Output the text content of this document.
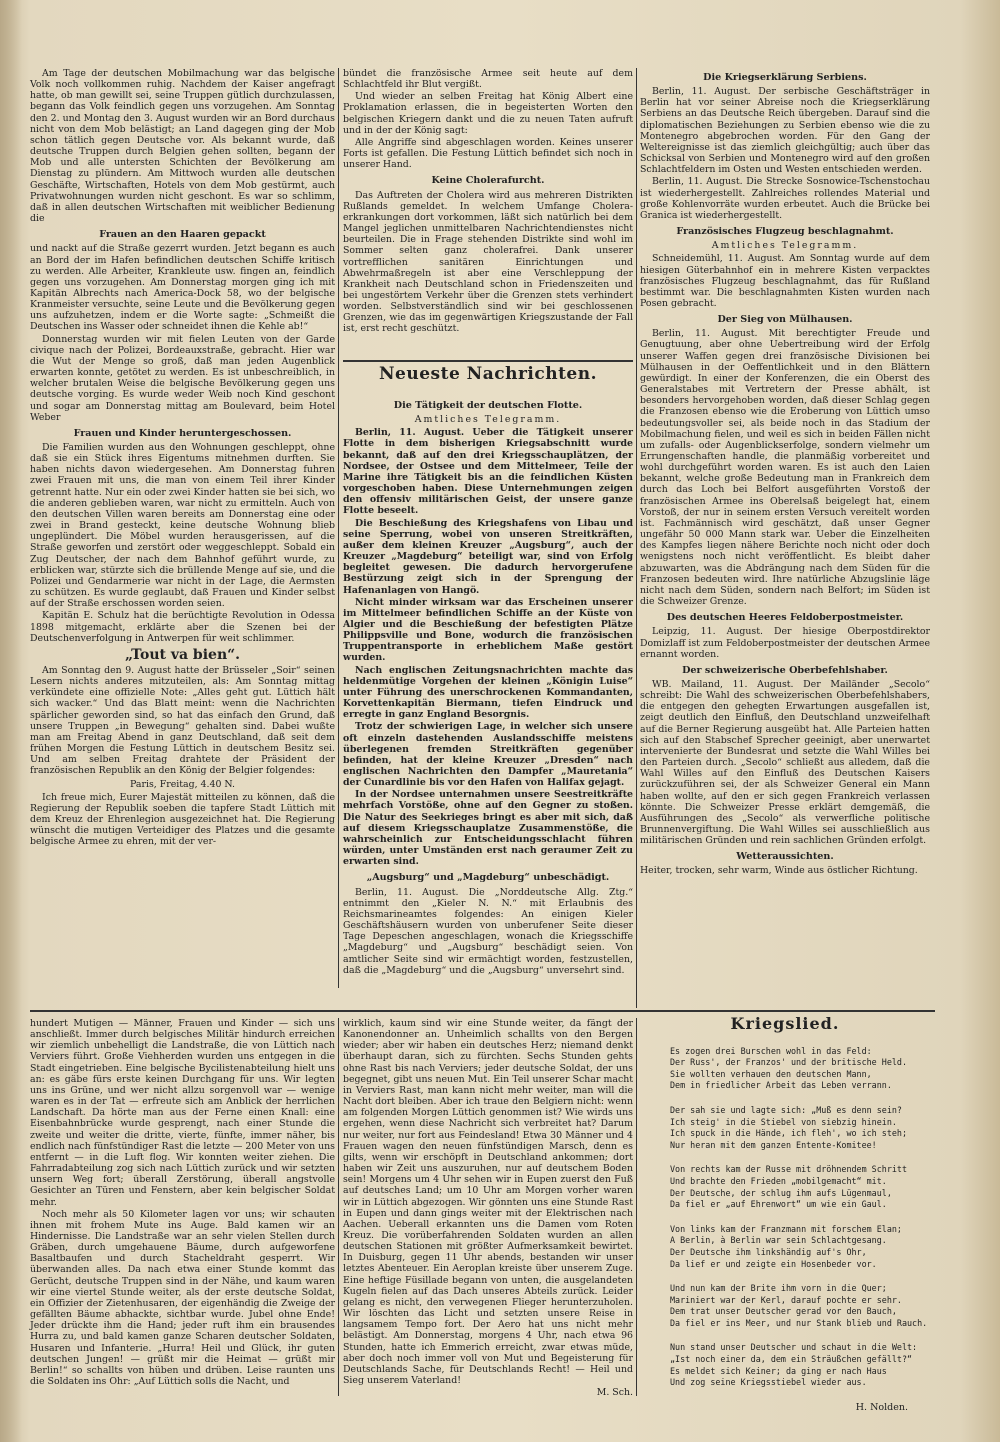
Am Tage der deutschen Mobilmachung war das belgische Volk noch vollkommen ruhig. Nachdem der Kaiser angefragt hatte, ob man gewillt sei, seine Truppen gütlich durchzulassen, begann das Volk feindlich gegen uns vorzugehen. Am Sonntag den 2. und Montag den 3. August wurden wir an Bord durchaus nicht von dem Mob belästigt; an Land dagegen ging der Mob schon tätlich gegen Deutsche vor. Als bekannt wurde, daß deutsche Truppen durch Belgien gehen sollten, begann der Mob und alle untersten Schichten der Bevölkerung am Dienstag zu plündern. Am Mittwoch wurden alle deutschen Geschäfte, Wirtschaften, Hotels von dem Mob gestürmt, auch Privatwohnungen wurden nicht geschont. Es war so schlimm, daß in allen deutschen Wirtschaften mit weiblicher Bedienung die

Frauen an den Haaren gepackt

und nackt auf die Straße gezerrt wurden. Jetzt begann es auch an Bord der im Hafen befindlichen deutschen Schiffe kritisch zu werden. Alle Arbeiter, Krankleute usw. fingen an, feindlich gegen uns vorzugehen. Am Donnerstag morgen ging ich mit Kapitän Albrechts nach America-Dock 58, wo der belgische Kranmeister versuchte, seine Leute und die Bevölkerung gegen uns aufzuhetzen, indem er die Worte sagte: „Schmeißt die Deutschen ins Wasser oder schneidet ihnen die Kehle ab!“

Donnerstag wurden wir mit fielen Leuten von der Garde civique nach der Polizei, Bordeauxstraße, gebracht. Hier war die Wut der Menge so groß, daß man jeden Augenblick erwarten konnte, getötet zu werden. Es ist unbeschreiblich, in welcher brutalen Weise die belgische Bevölkerung gegen uns deutsche vorging. Es wurde weder Weib noch Kind geschont und sogar am Donnerstag mittag am Boulevard, beim Hotel Weber

Frauen und Kinder heruntergeschossen.

Die Familien wurden aus den Wohnungen geschleppt, ohne daß sie ein Stück ihres Eigentums mitnehmen durften. Sie haben nichts davon wiedergesehen. Am Donnerstag fuhren zwei Frauen mit uns, die man von einem Teil ihrer Kinder getrennt hatte. Nur ein oder zwei Kinder hatten sie bei sich, wo die anderen geblieben waren, war nicht zu ermitteln. Auch von den deutschen Villen waren bereits am Donnerstag eine oder zwei in Brand gesteckt, keine deutsche Wohnung blieb ungeplündert. Die Möbel wurden herausgerissen, auf die Straße geworfen und zerstört oder weggeschleppt. Sobald ein Zug Deutscher, der nach dem Bahnhof geführt wurde, zu erblicken war, stürzte sich die brüllende Menge auf sie, und die Polizei und Gendarmerie war nicht in der Lage, die Aermsten zu schützen. Es wurde geglaubt, daß Frauen und Kinder selbst auf der Straße erschossen worden seien.

Kapitän E. Schulz hat die berüchtigte Revolution in Odessa 1898 mitgemacht, erklärte aber die Szenen bei der Deutschenverfolgung in Antwerpen für weit schlimmer.

„Tout va bien“.

Am Sonntag den 9. August hatte der Brüsseler „Soir“ seinen Lesern nichts anderes mitzuteilen, als: Am Sonntag mittag verkündete eine offizielle Note: „Alles geht gut. Lüttich hält sich wacker.“ Und das Blatt meint: wenn die Nachrichten spärlicher geworden sind, so hat das einfach den Grund, daß unsere Truppen „in Bewegung“ gehalten sind. Dabei wußte man am Freitag Abend in ganz Deutschland, daß seit dem frühen Morgen die Festung Lüttich in deutschem Besitz sei. Und am selben Freitag drahtete der Präsident der französischen Republik an den König der Belgier folgendes:

Paris, Freitag, 4.40 N.

Ich freue mich, Eurer Majestät mitteilen zu können, daß die Regierung der Republik soeben die tapfere Stadt Lüttich mit dem Kreuz der Ehrenlegion ausgezeichnet hat. Die Regierung wünscht die mutigen Verteidiger des Platzes und die gesamte belgische Armee zu ehren, mit der ver-

bündet die französische Armee seit heute auf dem Schlachtfeld ihr Blut vergißt.

Und wieder an selben Freitag hat König Albert eine Proklamation erlassen, die in begeisterten Worten den belgischen Kriegern dankt und die zu neuen Taten aufruft und in der der König sagt:

Alle Angriffe sind abgeschlagen worden. Keines unserer Forts ist gefallen. Die Festung Lüttich befindet sich noch in unserer Hand.

Keine Cholerafurcht.

Das Auftreten der Cholera wird aus mehreren Distrikten Rußlands gemeldet. In welchem Umfange Cholera-erkrankungen dort vorkommen, läßt sich natürlich bei dem Mangel jeglichen unmittelbaren Nachrichtendienstes nicht beurteilen. Die in Frage stehenden Distrikte sind wohl im Sommer selten ganz cholerafrei. Dank unserer vortrefflichen sanitären Einrichtungen und Abwehrmaßregeln ist aber eine Verschleppung der Krankheit nach Deutschland schon in Friedenszeiten und bei ungestörtem Verkehr über die Grenzen stets verhindert worden. Selbstverständlich sind wir bei geschlossenen Grenzen, wie das im gegenwärtigen Kriegszustande der Fall ist, erst recht geschützt.

Neueste Nachrichten.
Die Tätigkeit der deutschen Flotte.

Amtliches Telegramm.

Berlin, 11. August. Ueber die Tätigkeit unserer Flotte in dem bisherigen Kriegsabschnitt wurde bekannt, daß auf den drei Kriegsschauplätzen, der Nordsee, der Ostsee und dem Mittelmeer, Teile der Marine ihre Tätigkeit bis an die feindlichen Küsten vorgeschoben haben. Diese Unternehmungen zeigen den offensiv militärischen Geist, der unsere ganze Flotte beseelt.

Die Beschießung des Kriegshafens von Libau und seine Sperrung, wobei von unseren Streitkräften, außer dem kleinen Kreuzer „Augsburg“, auch der Kreuzer „Magdeburg“ beteiligt war, sind von Erfolg begleitet gewesen. Die dadurch hervorgerufene Bestürzung zeigt sich in der Sprengung der Hafenanlagen von Hangö.

Nicht minder wirksam war das Erscheinen unserer im Mittelmeer befindlichen Schiffe an der Küste von Algier und die Beschießung der befestigten Plätze Philippsville und Bone, wodurch die französischen Truppentransporte in erheblichem Maße gestört wurden.

Nach englischen Zeitungsnachrichten machte das heldenmütige Vorgehen der kleinen „Königin Luise“ unter Führung des unerschrockenen Kommandanten, Korvettenkapitän Biermann, tiefen Eindruck und erregte in ganz England Besorgnis.

Trotz der schwierigen Lage, in welcher sich unsere oft einzeln dastehenden Auslandsschiffe meistens überlegenen fremden Streitkräften gegenüber befinden, hat der kleine Kreuzer „Dresden“ nach englischen Nachrichten den Dampfer „Mauretania“ der Cunardlinie bis vor den Hafen von Halifax gejagt.

In der Nordsee unternahmen unsere Seestreitkräfte mehrfach Vorstöße, ohne auf den Gegner zu stoßen. Die Natur des Seekrieges bringt es aber mit sich, daß auf diesem Kriegsschauplatze Zusammenstöße, die wahrscheinlich zur Entscheidungsschlacht führen würden, unter Umständen erst nach geraumer Zeit zu erwarten sind.

„Augsburg“ und „Magdeburg“ unbeschädigt.

Berlin, 11. August. Die „Norddeutsche Allg. Ztg.“ entnimmt den „Kieler N. N.“ mit Erlaubnis des Reichsmarineamtes folgendes: An einigen Kieler Geschäftshäusern wurden von unberufener Seite dieser Tage Depeschen angeschlagen, wonach die Kriegsschiffe „Magdeburg“ und „Augsburg“ beschädigt seien. Von amtlicher Seite sind wir ermächtigt worden, festzustellen, daß die „Magdeburg“ und die „Augsburg“ unversehrt sind.

Die Kriegserklärung Serbiens.

Berlin, 11. August. Der serbische Geschäftsträger in Berlin hat vor seiner Abreise noch die Kriegserklärung Serbiens an das Deutsche Reich übergeben. Darauf sind die diplomatischen Beziehungen zu Serbien ebenso wie die zu Montenegro abgebrochen worden. Für den Gang der Weltereignisse ist das ziemlich gleichgültig; auch über das Schicksal von Serbien und Montenegro wird auf den großen Schlachtfeldern im Osten und Westen entschieden werden.

Berlin, 11. August. Die Strecke Sosnowice-Tschenstochau ist wiederhergestellt. Zahlreiches rollendes Material und große Kohlenvorräte wurden erbeutet. Auch die Brücke bei Granica ist wiederhergestellt.

Französisches Flugzeug beschlagnahmt.

Amtliches Telegramm.

Schneidemühl, 11. August. Am Sonntag wurde auf dem hiesigen Güterbahnhof ein in mehrere Kisten verpacktes französisches Flugzeug beschlagnahmt, das für Rußland bestimmt war. Die beschlagnahmten Kisten wurden nach Posen gebracht.

Der Sieg von Mülhausen.

Berlin, 11. August. Mit berechtigter Freude und Genugtuung, aber ohne Uebertreibung wird der Erfolg unserer Waffen gegen drei französische Divisionen bei Mülhausen in der Oeffentlichkeit und in den Blättern gewürdigt. In einer der Konferenzen, die ein Oberst des Generalstabes mit Vertretern der Presse abhält, ist besonders hervorgehoben worden, daß dieser Schlag gegen die Franzosen ebenso wie die Eroberung von Lüttich umso bedeutungsvoller sei, als beide noch in das Stadium der Mobilmachung fielen, und weil es sich in beiden Fällen nicht um zufalls- oder Augenblickserfolge, sondern vielmehr um Errungenschaften handle, die planmäßig vorbereitet und wohl durchgeführt worden waren. Es ist auch den Laien bekannt, welche große Bedeutung man in Frankreich dem durch das Loch bei Belfort ausgeführten Vorstoß der französischen Armee ins Oberelsaß beigelegt hat, einem Vorstoß, der nur in seinem ersten Versuch vereitelt worden ist. Fachmännisch wird geschätzt, daß unser Gegner ungefähr 50 000 Mann stark war. Ueber die Einzelheiten des Kampfes liegen nähere Berichte noch nicht oder doch wenigstens noch nicht veröffentlicht. Es bleibt daher abzuwarten, was die Abdrängung nach dem Süden für die Franzosen bedeuten wird. Ihre natürliche Abzugslinie läge nicht nach dem Süden, sondern nach Belfort; im Süden ist die Schweizer Grenze.

Des deutschen Heeres Feldoberpostmeister.

Leipzig, 11. August. Der hiesige Oberpostdirektor Domizlaff ist zum Feldoberpostmeister der deutschen Armee ernannt worden.

Der schweizerische Oberbefehlshaber.

WB. Mailand, 11. August. Der Mailänder „Secolo“ schreibt: Die Wahl des schweizerischen Oberbefehlshabers, die entgegen den gehegten Erwartungen ausgefallen ist, zeigt deutlich den Einfluß, den Deutschland unzweifelhaft auf die Berner Regierung ausgeübt hat. Alle Parteien hatten sich auf den Stabschef Sprecher geeinigt, aber unerwartet intervenierte der Bundesrat und setzte die Wahl Willes bei den Parteien durch. „Secolo“ schließt aus alledem, daß die Wahl Willes auf den Einfluß des Deutschen Kaisers zurückzuführen sei, der als Schweizer General ein Mann haben wollte, auf den er sich gegen Frankreich verlassen könnte. Die Schweizer Presse erklärt demgemäß, die Ausführungen des „Secolo“ als verwerfliche politische Brunnenvergiftung. Die Wahl Willes sei ausschließlich aus militärischen Gründen und rein sachlichen Gründen erfolgt.

Wetteraussichten.

Heiter, trocken, sehr warm, Winde aus östlicher Richtung.

hundert Mutigen — Männer, Frauen und Kinder — sich uns anschließt. Immer durch belgisches Militär hindurch erreichen wir ziemlich unbehelligt die Landstraße, die von Lüttich nach Verviers führt. Große Viehherden wurden uns entgegen in die Stadt eingetrieben. Eine belgische Bycilistenabteilung hielt uns an: es gäbe fürs erste keinen Durchgang für uns. Wir legten uns ins Grüne, und wer nicht allzu sorgenvoll war — wenige waren es in der Tat — erfreute sich am Anblick der herrlichen Landschaft. Da hörte man aus der Ferne einen Knall: eine Eisenbahnbrücke wurde gesprengt, nach einer Stunde die zweite und weiter die dritte, vierte, fünfte, immer näher, bis endlich nach fünfstündiger Rast die letzte — 200 Meter von uns entfernt — in die Luft flog. Wir konnten weiter ziehen. Die Fahrradabteilung zog sich nach Lüttich zurück und wir setzten unsern Weg fort; überall Zerstörung, überall angstvolle Gesichter an Türen und Fenstern, aber kein belgischer Soldat mehr.

Noch mehr als 50 Kilometer lagen vor uns; wir schauten ihnen mit frohem Mute ins Auge. Bald kamen wir an Hindernisse. Die Landstraße war an sehr vielen Stellen durch Gräben, durch umgehauene Bäume, durch aufgeworfene Basaltbaufen und durch Stacheldraht gesperrt. Wir überwanden alles. Da nach etwa einer Stunde kommt das Gerücht, deutsche Truppen sind in der Nähe, und kaum waren wir eine viertel Stunde weiter, als der erste deutsche Soldat, ein Offizier der Zietenhusaren, der eigenhändig die Zweige der gefällten Bäume abhackte, sichtbar wurde. Jubel ohne Ende! Jeder drückte ihm die Hand; jeder ruft ihm ein brausendes Hurra zu, und bald kamen ganze Scharen deutscher Soldaten, Husaren und Infanterie. „Hurra! Heil und Glück, ihr guten deutschen Jungen! — grüßt mir die Heimat — grüßt mir Berlin!“ so schallts von hüben und drüben. Leise raunten uns die Soldaten ins Ohr: „Auf Lüttich solls die Nacht, und

wirklich, kaum sind wir eine Stunde weiter, da fängt der Kanonendonner an. Unheimlich schallts von den Bergen wieder; aber wir haben ein deutsches Herz; niemand denkt überhaupt daran, sich zu fürchten. Sechs Stunden gehts ohne Rast bis nach Verviers; jeder deutsche Soldat, der uns begegnet, gibt uns neuen Mut. Ein Teil unserer Schar macht in Verviers Rast, man kann nicht mehr weiter, man will die Nacht dort bleiben. Aber ich traue den Belgiern nicht: wenn am folgenden Morgen Lüttich genommen ist? Wie wirds uns ergehen, wenn diese Nachricht sich verbreitet hat? Darum nur weiter, nur fort aus Feindesland! Etwa 30 Männer und 4 Frauen wagen den neuen fünfstündigen Marsch, denn es gilts, wenn wir erschöpft in Deutschland ankommen; dort haben wir Zeit uns auszuruhen, nur auf deutschem Boden sein! Morgens um 4 Uhr sehen wir in Eupen zuerst den Fuß auf deutsches Land; um 10 Uhr am Morgen vorher waren wir in Lüttich abgezogen. Wir gönnten uns eine Stunde Rast in Eupen und dann gings weiter mit der Elektrischen nach Aachen. Ueberall erkannten uns die Damen vom Roten Kreuz. Die vorüberfahrenden Soldaten wurden an allen deutschen Stationen mit größter Aufmerksamkeit bewirtet. In Duisburg, gegen 11 Uhr abends, bestanden wir unser letztes Abenteuer. Ein Aeroplan kreiste über unserem Zuge. Eine heftige Füsillade begann von unten, die ausgelandeten Kugeln fielen auf das Dach unseres Abteils zurück. Leider gelang es nicht, den verwegenen Flieger herunterzuholen. Wir löschten das Licht und setzten unsere Reise in langsamem Tempo fort. Der Aero hat uns nicht mehr belästigt. Am Donnerstag, morgens 4 Uhr, nach etwa 96 Stunden, hatte ich Emmerich erreicht, zwar etwas müde, aber doch noch immer voll von Mut und Begeisterung für Deutschlands Sache, für Deutschlands Recht! — Heil und Sieg unserem Vaterland!

M. Sch.

Kriegslied.
Es zogen drei Burschen wohl in das Feld:
Der Russ', der Franzos' und der britische Held.
Sie wollten verhauen den deutschen Mann,
Dem in friedlicher Arbeit das Leben verrann.
Der sah sie und lagte sich: „Muß es denn sein?
Ich steig' in die Stiebel von siebzig hinein.
Ich spuck in die Hände, ich fleh', wo ich steh;
Nur heran mit dem ganzen Entente-Komitee!
Von rechts kam der Russe mit dröhnendem Schritt
Und brachte den Frieden „mobilgemacht“ mit.
Der Deutsche, der schlug ihm aufs Lügenmaul,
Da fiel er „auf Ehrenwort“ um wie ein Gaul.
Von links kam der Franzmann mit forschem Elan;
A Berlin, à Berlin war sein Schlachtgesang.
Der Deutsche ihm linkshändig auf's Ohr,
Da lief er und zeigte ein Hosenbeder vor.
Und nun kam der Brite ihm vorn in die Quer;
Mariniert war der Kerl, darauf pochte er sehr.
Dem trat unser Deutscher gerad vor den Bauch,
Da fiel er ins Meer, und nur Stank blieb und Rauch.
Nun stand unser Deutscher und schaut in die Welt:
„Ist noch einer da, dem ein Sträußchen gefällt?“
Es meldet sich Keiner; da ging er nach Haus
Und zog seine Kriegsstiebel wieder aus.
H. Nolden.
